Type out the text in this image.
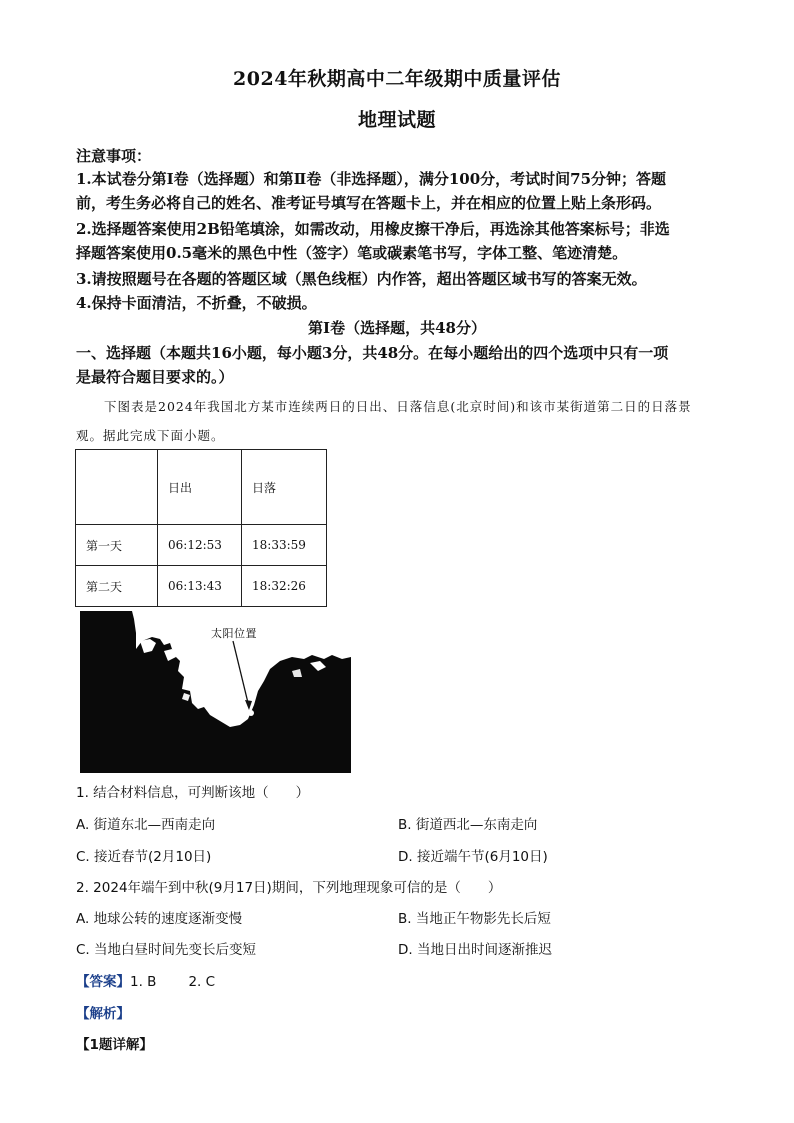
2024年秋期高中二年级期中质量评估
地理试题
注意事项：
1.本试卷分第Ⅰ卷（选择题）和第Ⅱ卷（非选择题），满分100分，考试时间75分钟；答题
前，考生务必将自己的姓名、准考证号填写在答题卡上，并在相应的位置上贴上条形码。
2.选择题答案使用2B铅笔填涂，如需改动，用橡皮擦干净后，再选涂其他答案标号；非选
择题答案使用0.5毫米的黑色中性（签字）笔或碳素笔书写，字体工整、笔迹清楚。
3.请按照题号在各题的答题区域（黑色线框）内作答，超出答题区域书写的答案无效。
4.保持卡面清洁，不折叠，不破损。
第Ⅰ卷（选择题，共48分）
一、选择题（本题共16小题，每小题3分，共48分。在每小题给出的四个选项中只有一项
是最符合题目要求的。）
下图表是2024年我国北方某市连续两日的日出、日落信息(北京时间)和该市某街道第二日的日落景
观。据此完成下面小题。
	日出	日落
第一天	06:12:53	18:33:59
第二天	06:13:43	18:32:26
太阳位置
1. 结合材料信息，可判断该地（　　）
A. 街道东北—西南走向	B. 街道西北—东南走向
C. 接近春节(2月10日)	D. 接近端午节(6月10日)
2. 2024年端午到中秋(9月17日)期间，下列地理现象可信的是（　　）
A. 地球公转的速度逐渐变慢	B. 当地正午物影先长后短
C. 当地白昼时间先变长后变短	D. 当地日出时间逐渐推迟
【答案】1. B 2. C
【解析】
【1题详解】
